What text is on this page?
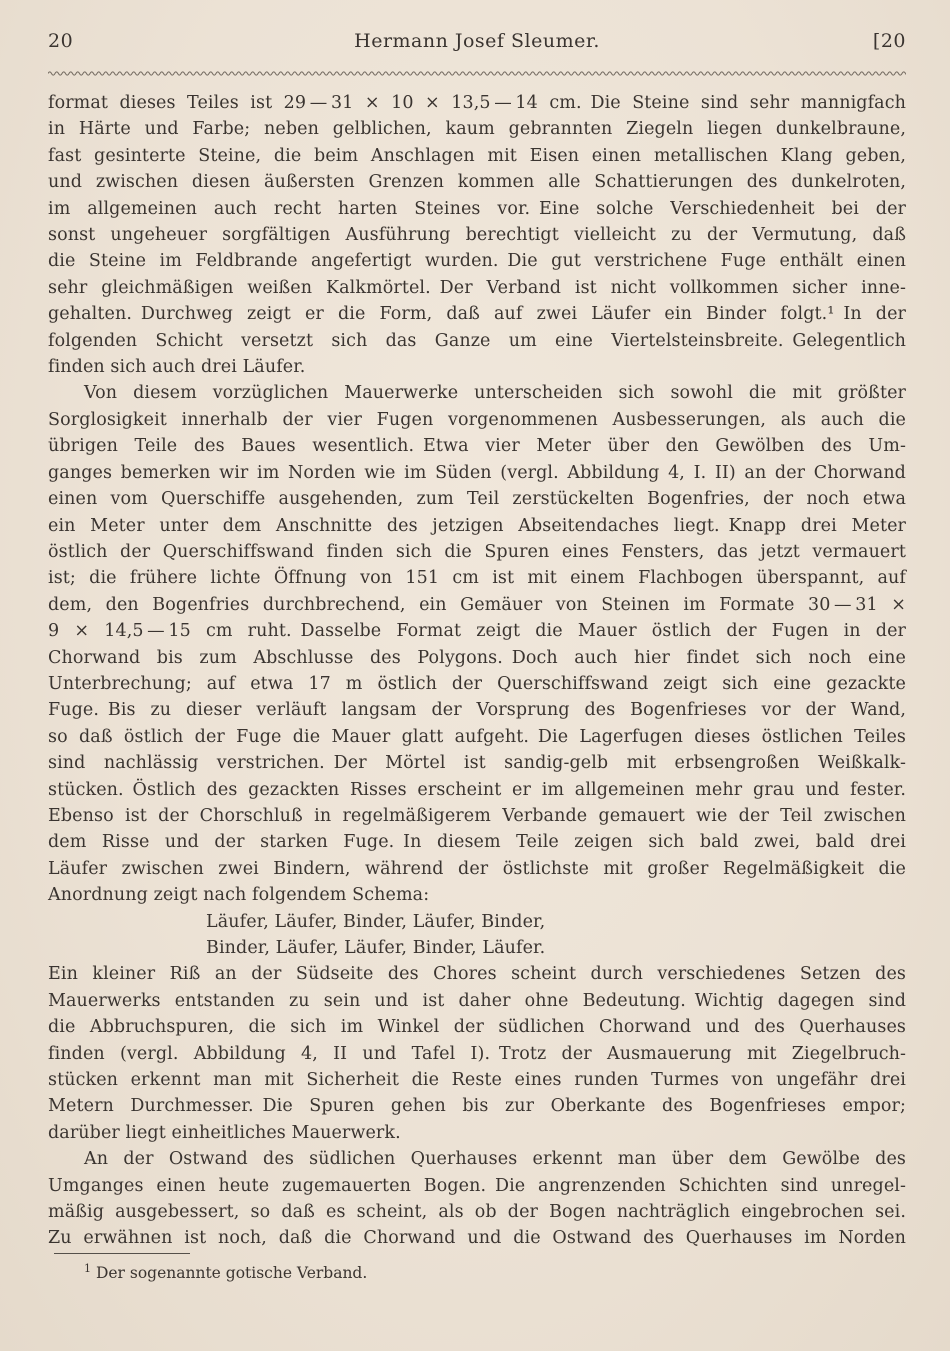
20	Hermann Josef Sleumer.	[20
format dieses Teiles ist 29 — 31 × 10 × 13,5 — 14 cm. Die Steine sind sehr mannigfach
in Härte und Farbe; neben gelblichen, kaum gebrannten Ziegeln liegen dunkelbraune,
fast gesinterte Steine, die beim Anschlagen mit Eisen einen metallischen Klang geben,
und zwischen diesen äußersten Grenzen kommen alle Schattierungen des dunkelroten,
im allgemeinen auch recht harten Steines vor. Eine solche Verschiedenheit bei der
sonst ungeheuer sorgfältigen Ausführung berechtigt vielleicht zu der Vermutung, daß
die Steine im Feldbrande angefertigt wurden. Die gut verstrichene Fuge enthält einen
sehr gleichmäßigen weißen Kalkmörtel. Der Verband ist nicht vollkommen sicher inne-
gehalten. Durchweg zeigt er die Form, daß auf zwei Läufer ein Binder folgt.¹ In der
folgenden Schicht versetzt sich das Ganze um eine Viertelsteinsbreite. Gelegentlich
finden sich auch drei Läufer.
Von diesem vorzüglichen Mauerwerke unterscheiden sich sowohl die mit größter
Sorglosigkeit innerhalb der vier Fugen vorgenommenen Ausbesserungen, als auch die
übrigen Teile des Baues wesentlich. Etwa vier Meter über den Gewölben des Um-
ganges bemerken wir im Norden wie im Süden (vergl. Abbildung 4, I. II) an der Chorwand
einen vom Querschiffe ausgehenden, zum Teil zerstückelten Bogenfries, der noch etwa
ein Meter unter dem Anschnitte des jetzigen Abseitendaches liegt. Knapp drei Meter
östlich der Querschiffswand finden sich die Spuren eines Fensters, das jetzt vermauert
ist; die frühere lichte Öffnung von 151 cm ist mit einem Flachbogen überspannt, auf
dem, den Bogenfries durchbrechend, ein Gemäuer von Steinen im Formate 30 — 31 ×
9 × 14,5 — 15 cm ruht. Dasselbe Format zeigt die Mauer östlich der Fugen in der
Chorwand bis zum Abschlusse des Polygons. Doch auch hier findet sich noch eine
Unterbrechung; auf etwa 17 m östlich der Querschiffswand zeigt sich eine gezackte
Fuge. Bis zu dieser verläuft langsam der Vorsprung des Bogenfrieses vor der Wand,
so daß östlich der Fuge die Mauer glatt aufgeht. Die Lagerfugen dieses östlichen Teiles
sind nachlässig verstrichen. Der Mörtel ist sandig-gelb mit erbsengroßen Weißkalk-
stücken. Östlich des gezackten Risses erscheint er im allgemeinen mehr grau und fester.
Ebenso ist der Chorschluß in regelmäßigerem Verbande gemauert wie der Teil zwischen
dem Risse und der starken Fuge. In diesem Teile zeigen sich bald zwei, bald drei
Läufer zwischen zwei Bindern, während der östlichste mit großer Regelmäßigkeit die
Anordnung zeigt nach folgendem Schema:
Läufer, Läufer, Binder, Läufer, Binder,
Binder, Läufer, Läufer, Binder, Läufer.
Ein kleiner Riß an der Südseite des Chores scheint durch verschiedenes Setzen des
Mauerwerks entstanden zu sein und ist daher ohne Bedeutung. Wichtig dagegen sind
die Abbruchspuren, die sich im Winkel der südlichen Chorwand und des Querhauses
finden (vergl. Abbildung 4, II und Tafel I). Trotz der Ausmauerung mit Ziegelbruch-
stücken erkennt man mit Sicherheit die Reste eines runden Turmes von ungefähr drei
Metern Durchmesser. Die Spuren gehen bis zur Oberkante des Bogenfrieses empor;
darüber liegt einheitliches Mauerwerk.
An der Ostwand des südlichen Querhauses erkennt man über dem Gewölbe des
Umganges einen heute zugemauerten Bogen. Die angrenzenden Schichten sind unregel-
mäßig ausgebessert, so daß es scheint, als ob der Bogen nachträglich eingebrochen sei.
Zu erwähnen ist noch, daß die Chorwand und die Ostwand des Querhauses im Norden
$^1$ Der sogenannte gotische Verband.
